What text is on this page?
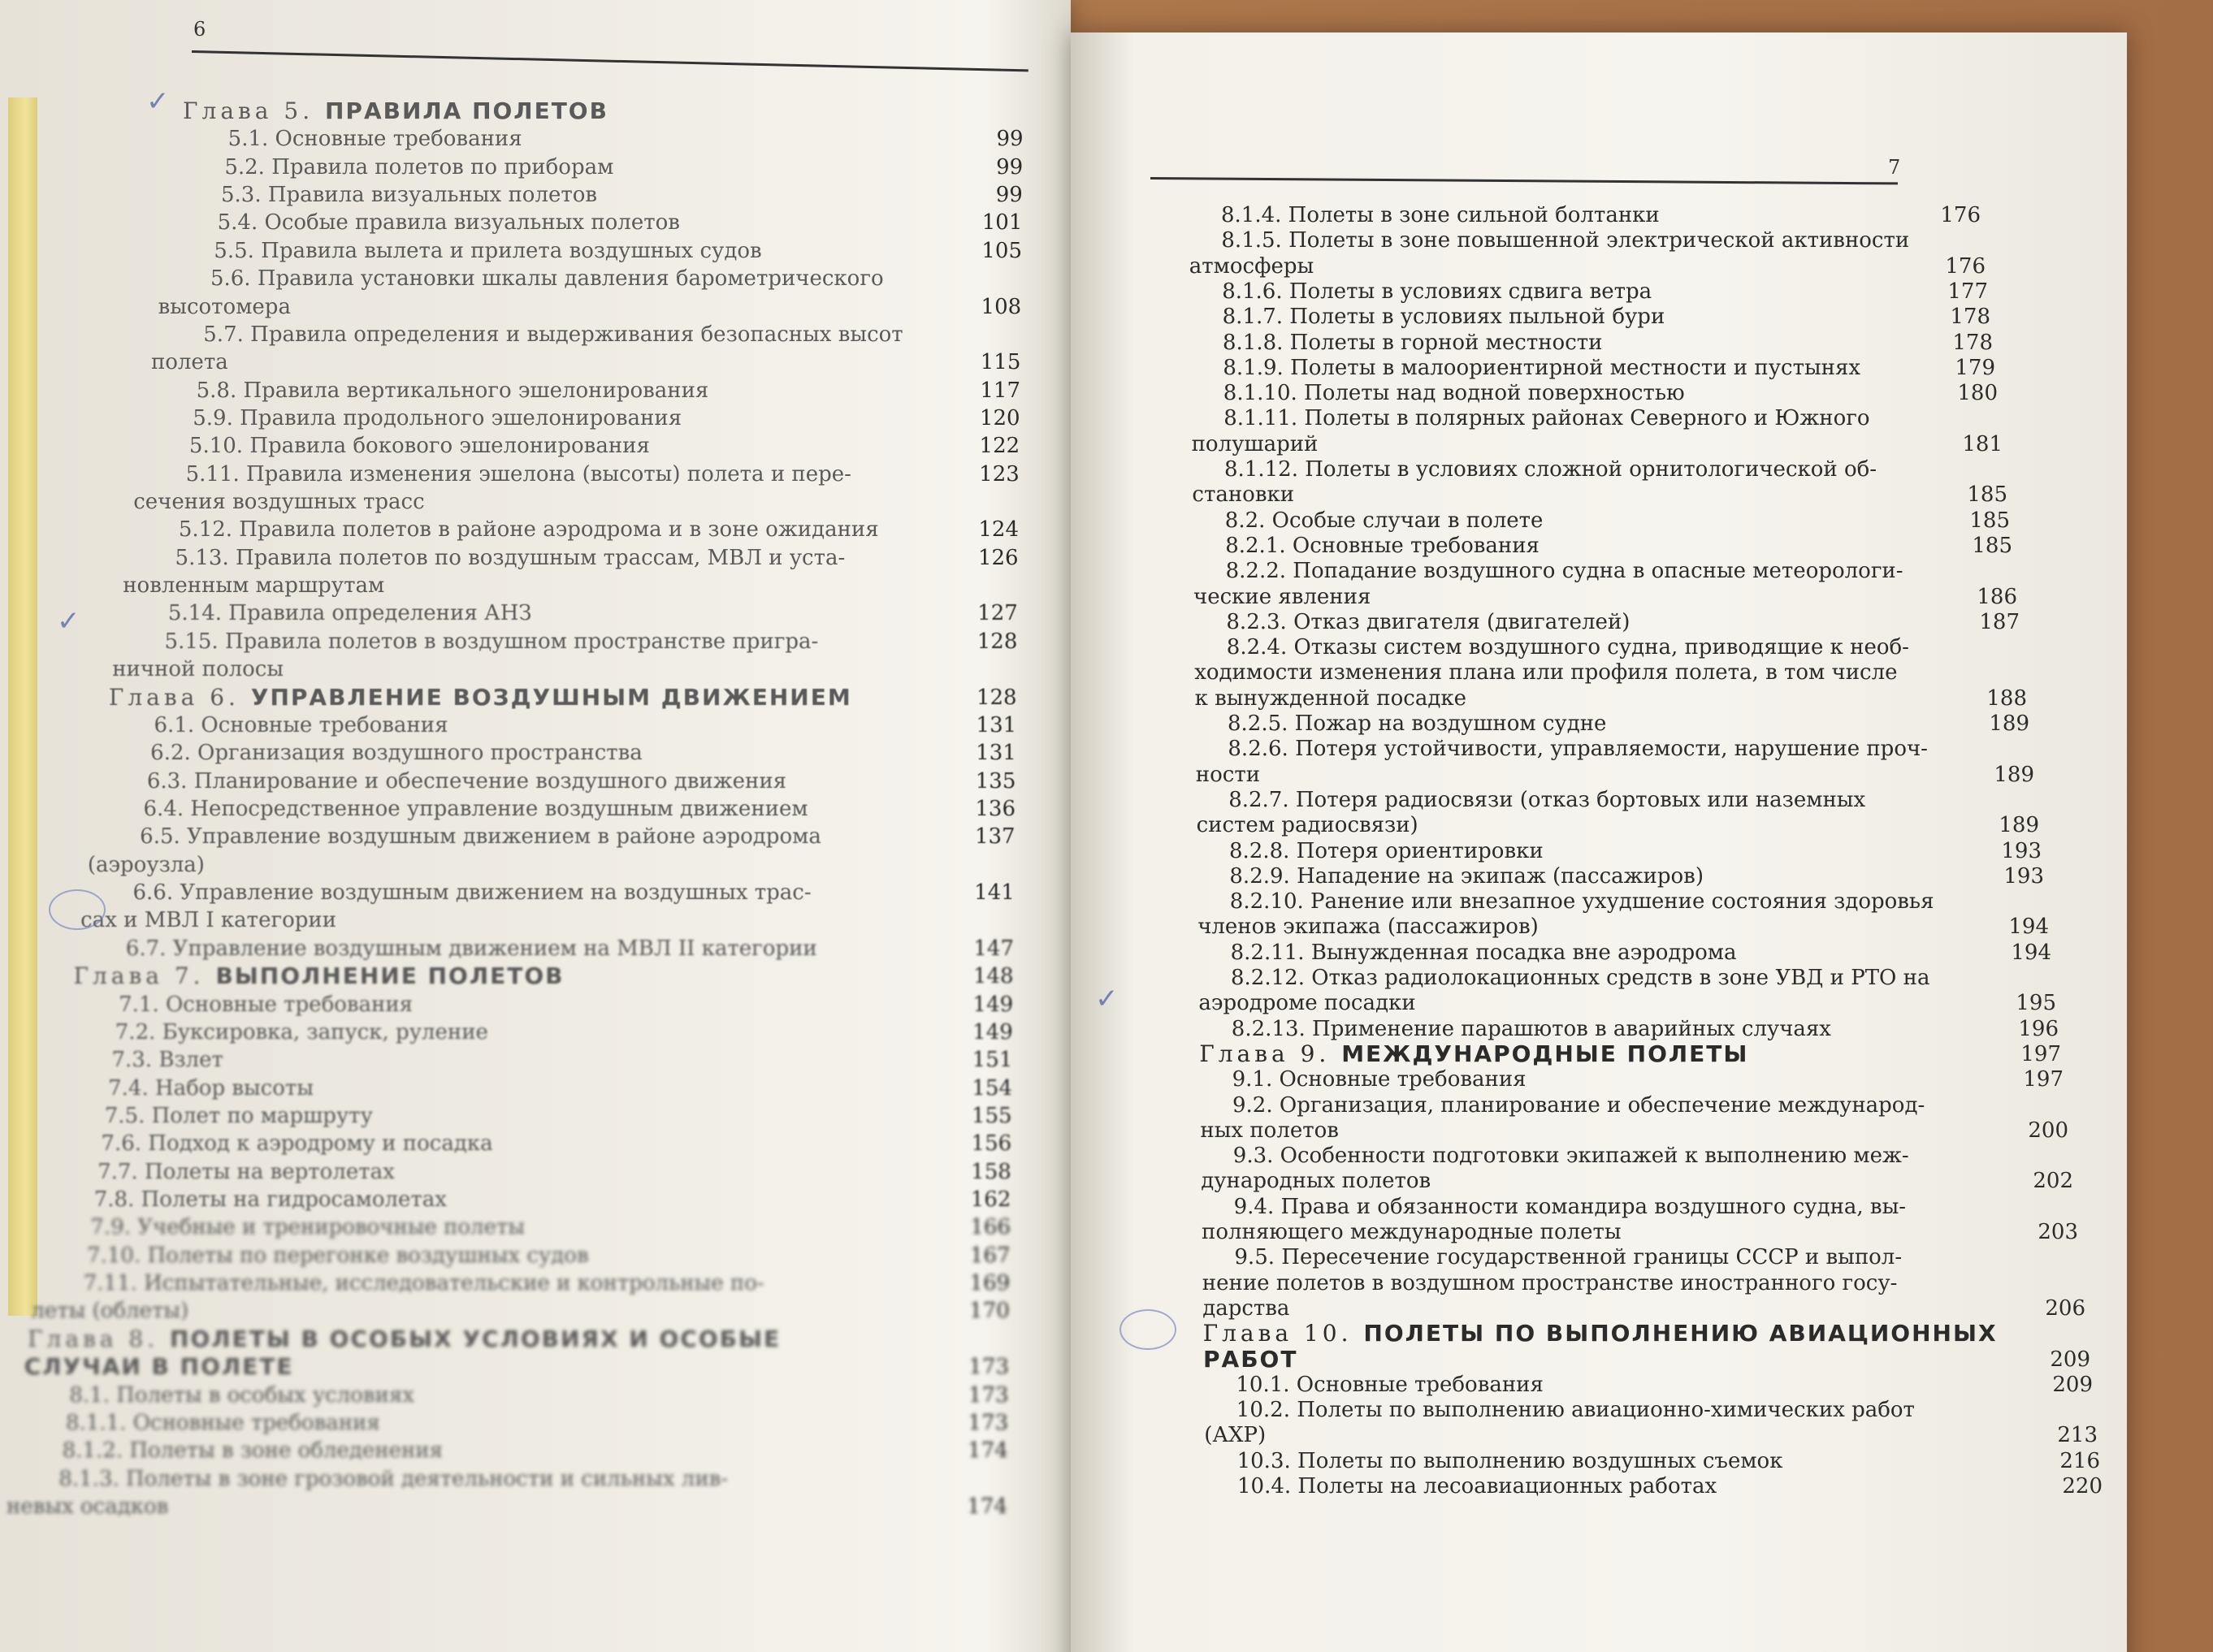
6
Глава 5. ПРАВИЛА ПОЛЕТОВ
5.1. Основные требования	99
5.2. Правила полетов по приборам	99
5.3. Правила визуальных полетов	99
5.4. Особые правила визуальных полетов	101
5.5. Правила вылета и прилета воздушных судов	105
5.6. Правила установки шкалы давления барометрического
высотомера	108
5.7. Правила определения и выдерживания безопасных высот
полета	115
5.8. Правила вертикального эшелонирования	117
5.9. Правила продольного эшелонирования	120
5.10. Правила бокового эшелонирования	122
5.11. Правила изменения эшелона (высоты) полета и пере-	123
сечения воздушных трасс
5.12. Правила полетов в районе аэродрома и в зоне ожидания	124
5.13. Правила полетов по воздушным трассам, МВЛ и уста-	126
новленным маршрутам
5.14. Правила определения АНЗ	127
5.15. Правила полетов в воздушном пространстве пригра-	128
ничной полосы
Глава 6. УПРАВЛЕНИЕ ВОЗДУШНЫМ ДВИЖЕНИЕМ	128
6.1. Основные требования	131
6.2. Организация воздушного пространства	131
6.3. Планирование и обеспечение воздушного движения	135
6.4. Непосредственное управление воздушным движением	136
6.5. Управление воздушным движением в районе аэродрома	137
(аэроузла)
6.6. Управление воздушным движением на воздушных трас-	141
сах и МВЛ I категории
6.7. Управление воздушным движением на МВЛ II категории	147
Глава 7. ВЫПОЛНЕНИЕ ПОЛЕТОВ	148
7.1. Основные требования	149
7.2. Буксировка, запуск, руление	149
7.3. Взлет	151
7.4. Набор высоты	154
7.5. Полет по маршруту	155
7.6. Подход к аэродрому и посадка	156
7.7. Полеты на вертолетах	158
7.8. Полеты на гидросамолетах	162
7.9. Учебные и тренировочные полеты	166
7.10. Полеты по перегонке воздушных судов	167
7.11. Испытательные, исследовательские и контрольные по-	169
леты (облеты)	170
Глава 8. ПОЛЕТЫ В ОСОБЫХ УСЛОВИЯХ И ОСОБЫЕ
СЛУЧАИ В ПОЛЕТЕ	173
8.1. Полеты в особых условиях	173
8.1.1. Основные требования	173
8.1.2. Полеты в зоне обледенения	174
8.1.3. Полеты в зоне грозовой деятельности и сильных лив-
невых осадков	174
✓
✓
7
8.1.4. Полеты в зоне сильной болтанки	176
8.1.5. Полеты в зоне повышенной электрической активности
атмосферы	176
8.1.6. Полеты в условиях сдвига ветра	177
8.1.7. Полеты в условиях пыльной бури	178
8.1.8. Полеты в горной местности	178
8.1.9. Полеты в малоориентирной местности и пустынях	179
8.1.10. Полеты над водной поверхностью	180
8.1.11. Полеты в полярных районах Северного и Южного
полушарий	181
8.1.12. Полеты в условиях сложной орнитологической об-
становки	185
8.2. Особые случаи в полете	185
8.2.1. Основные требования	185
8.2.2. Попадание воздушного судна в опасные метеорологи-
ческие явления	186
8.2.3. Отказ двигателя (двигателей)	187
8.2.4. Отказы систем воздушного судна, приводящие к необ-
ходимости изменения плана или профиля полета, в том числе
к вынужденной посадке	188
8.2.5. Пожар на воздушном судне	189
8.2.6. Потеря устойчивости, управляемости, нарушение проч-
ности	189
8.2.7. Потеря радиосвязи (отказ бортовых или наземных
систем радиосвязи)	189
8.2.8. Потеря ориентировки	193
8.2.9. Нападение на экипаж (пассажиров)	193
8.2.10. Ранение или внезапное ухудшение состояния здоровья
членов экипажа (пассажиров)	194
8.2.11. Вынужденная посадка вне аэродрома	194
8.2.12. Отказ радиолокационных средств в зоне УВД и РТО на
аэродроме посадки	195
8.2.13. Применение парашютов в аварийных случаях	196
Глава 9. МЕЖДУНАРОДНЫЕ ПОЛЕТЫ	197
9.1. Основные требования	197
9.2. Организация, планирование и обеспечение международ-
ных полетов	200
9.3. Особенности подготовки экипажей к выполнению меж-
дународных полетов	202
9.4. Права и обязанности командира воздушного судна, вы-
полняющего международные полеты	203
9.5. Пересечение государственной границы СССР и выпол-
нение полетов в воздушном пространстве иностранного госу-
дарства	206
Глава 10. ПОЛЕТЫ ПО ВЫПОЛНЕНИЮ АВИАЦИОННЫХ
РАБОТ	209
10.1. Основные требования	209
10.2. Полеты по выполнению авиационно-химических работ
(АХР)	213
10.3. Полеты по выполнению воздушных съемок	216
10.4. Полеты на лесоавиационных работах	220
✓
